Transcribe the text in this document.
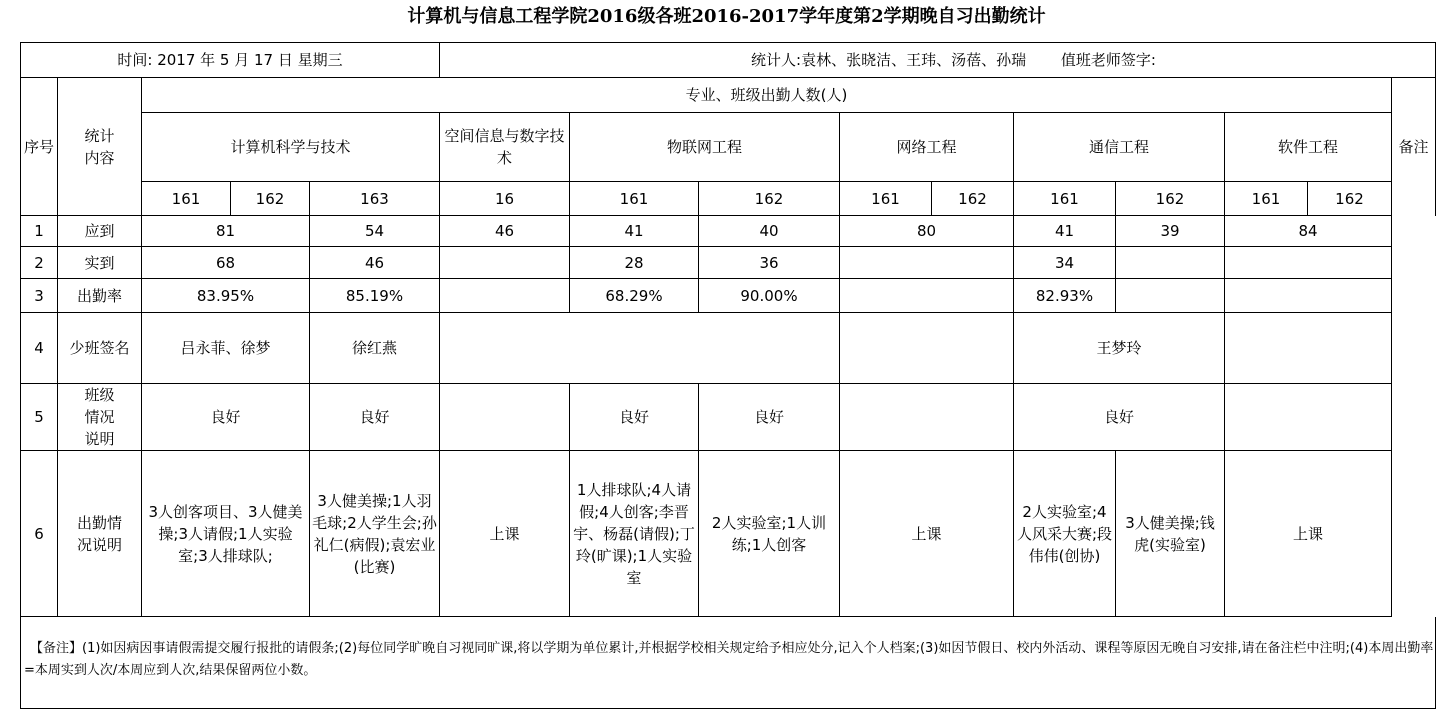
计算机与信息工程学院2016级各班2016-2017学年度第2学期晚自习出勤统计
时间: 2017 年 5 月 17 日 星期三					统计人:袁林、张晓洁、王玮、汤蓓、孙瑞 值班老师签字:									
序号	统计内容	专业、班级出勤人数(人)												备注
		计算机科学与技术			空间信息与数字技术	物联网工程		网络工程		通信工程		软件工程		
		161	162	163	16	161	162	161	162	161	162	161	162	
1	应到	81		54	46	41	40	80		41	39	84		
2	实到	68		46		28	36			34				
3	出勤率	83.95%		85.19%		68.29%	90.00%			82.93%				
4	少班签名	吕永菲、徐梦		徐红燕						王梦玲				
5	班级情况说明	良好		良好		良好	良好			良好				
6	出勤情况说明	3人创客项目、3人健美操;3人请假;1人实验室;3人排球队;		3人健美操;1人羽毛球;2人学生会;孙礼仁(病假);袁宏业(比赛)	上课	1人排球队;4人请假;4人创客;李晋宇、杨磊(请假);丁玲(旷课);1人实验室	2人实验室;1人训练;1人创客	上课		2人实验室;4人风采大赛;段伟伟(创协)	3人健美操;钱虎(实验室)	上课		

【备注】(1)如因病因事请假需提交履行报批的请假条;(2)每位同学旷晚自习视同旷课,将以学期为单位累计,并根据学校相关规定给予相应处分,记入个人档案;(3)如因节假日、校内外活动、课程等原因无晚自习安排,请在备注栏中注明;(4)本周出勤率=本周实到人次/本周应到人次,结果保留两位小数。
